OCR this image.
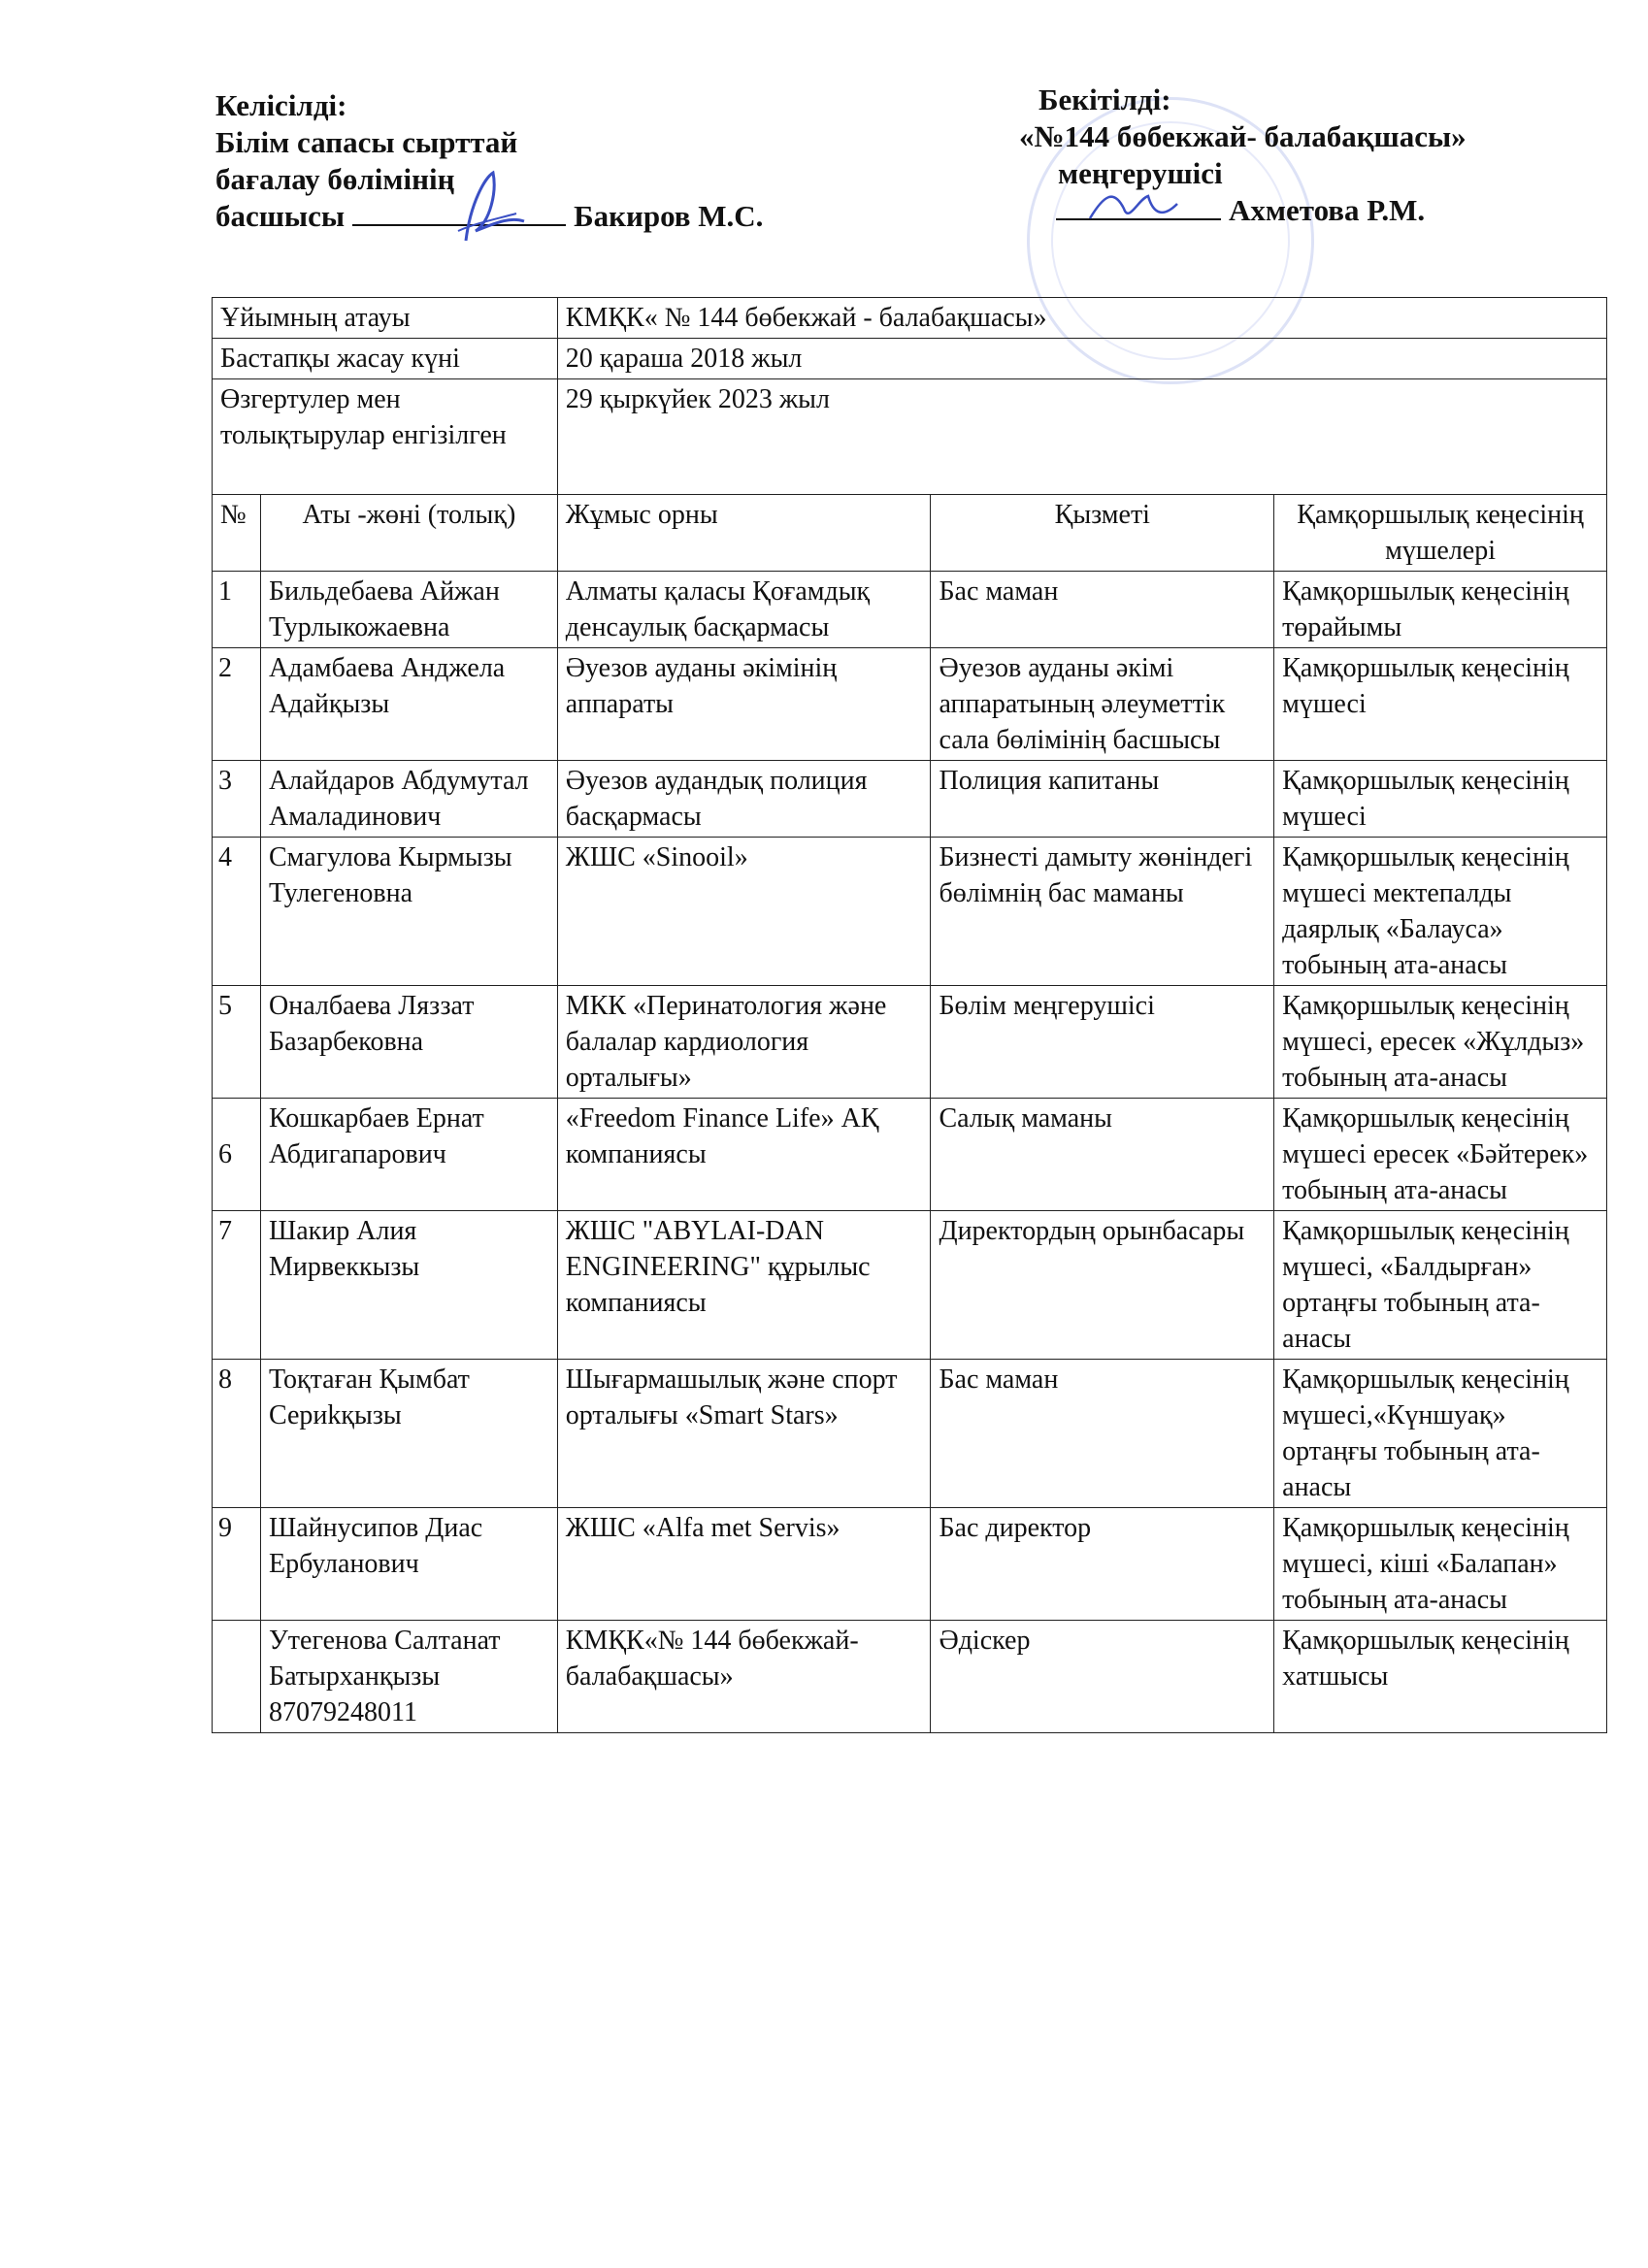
Келісілді:
Білім сапасы сырттай
бағалау бөлімінің
басшысы	Бакиров М.С.
Бекітілді:
«№144 бөбекжай- балабақшасы»
меңгерушісі
Ахметова Р.М.
Ұйымның атауы		КМҚК« № 144 бөбекжай - балабақшасы»		
Бастапқы жасау күні		20 қараша 2018 жыл		
Өзгертулер мен толықтырулар енгізілген		29 қыркүйек 2023 жыл		
№	Аты -жөні (толық)	Жұмыс орны	Қызметі	Қамқоршылық кеңесінің мүшелері
1	Бильдебаева Айжан Турлыкожаевна	Алматы қаласы Қоғамдық денсаулық басқармасы	Бас маман	Қамқоршылық кеңесінің төрайымы
2	Адамбаева Анджела Адайқызы	Әуезов ауданы әкімінің аппараты	Әуезов ауданы әкімі аппаратының әлеуметтік сала бөлімінің басшысы	Қамқоршылық кеңесінің мүшесі
3	Алайдаров Абдумутал Амаладинович	Әуезов аудандық полиция басқармасы	Полиция капитаны	Қамқоршылық кеңесінің мүшесі
4	Смагулова Кырмызы Тулегеновна	ЖШС «Sinooil»	Бизнесті дамыту жөніндегі бөлімнің бас маманы	Қамқоршылық кеңесінің мүшесі мектепалды даярлық «Балауса» тобының ата-анасы
5	Оналбаева Ляззат Базарбековна	МКК «Перинатология және балалар кардиология орталығы»	Бөлім меңгерушісі	Қамқоршылық кеңесінің мүшесі, ересек «Жұлдыз» тобының ата-анасы
6	Кошкарбаев Ернат Абдигапарович	«Freedom Finance Life» АҚ компаниясы	Салық маманы	Қамқоршылық кеңесінің мүшесі ересек «Бәйтерек» тобының ата-анасы
7	Шакир Алия Мирвеккызы	ЖШС "ABYLAI-DAN ENGINEERING" құрылыс компаниясы	Директордың орынбасары	Қамқоршылық кеңесінің мүшесі, «Балдырған» ортаңғы тобының ата-анасы
8	Тоқтаған Қымбат Сериkқызы	Шығармашылық және спорт орталығы «Smart Stars»	Бас маман	Қамқоршылық кеңесінің мүшесі,«Күншуақ» ортаңғы тобының ата-анасы
9	Шайнусипов Диас Ербуланович	ЖШС «Alfa met Servis»	Бас директор	Қамқоршылық кеңесінің мүшесі, кіші «Балапан» тобының ата-анасы
	Утегенова Салтанат Батырханқызы 87079248011	КМҚК«№ 144 бөбекжай-балабақшасы»	Әдіскер	Қамқоршылық кеңесінің хатшысы
